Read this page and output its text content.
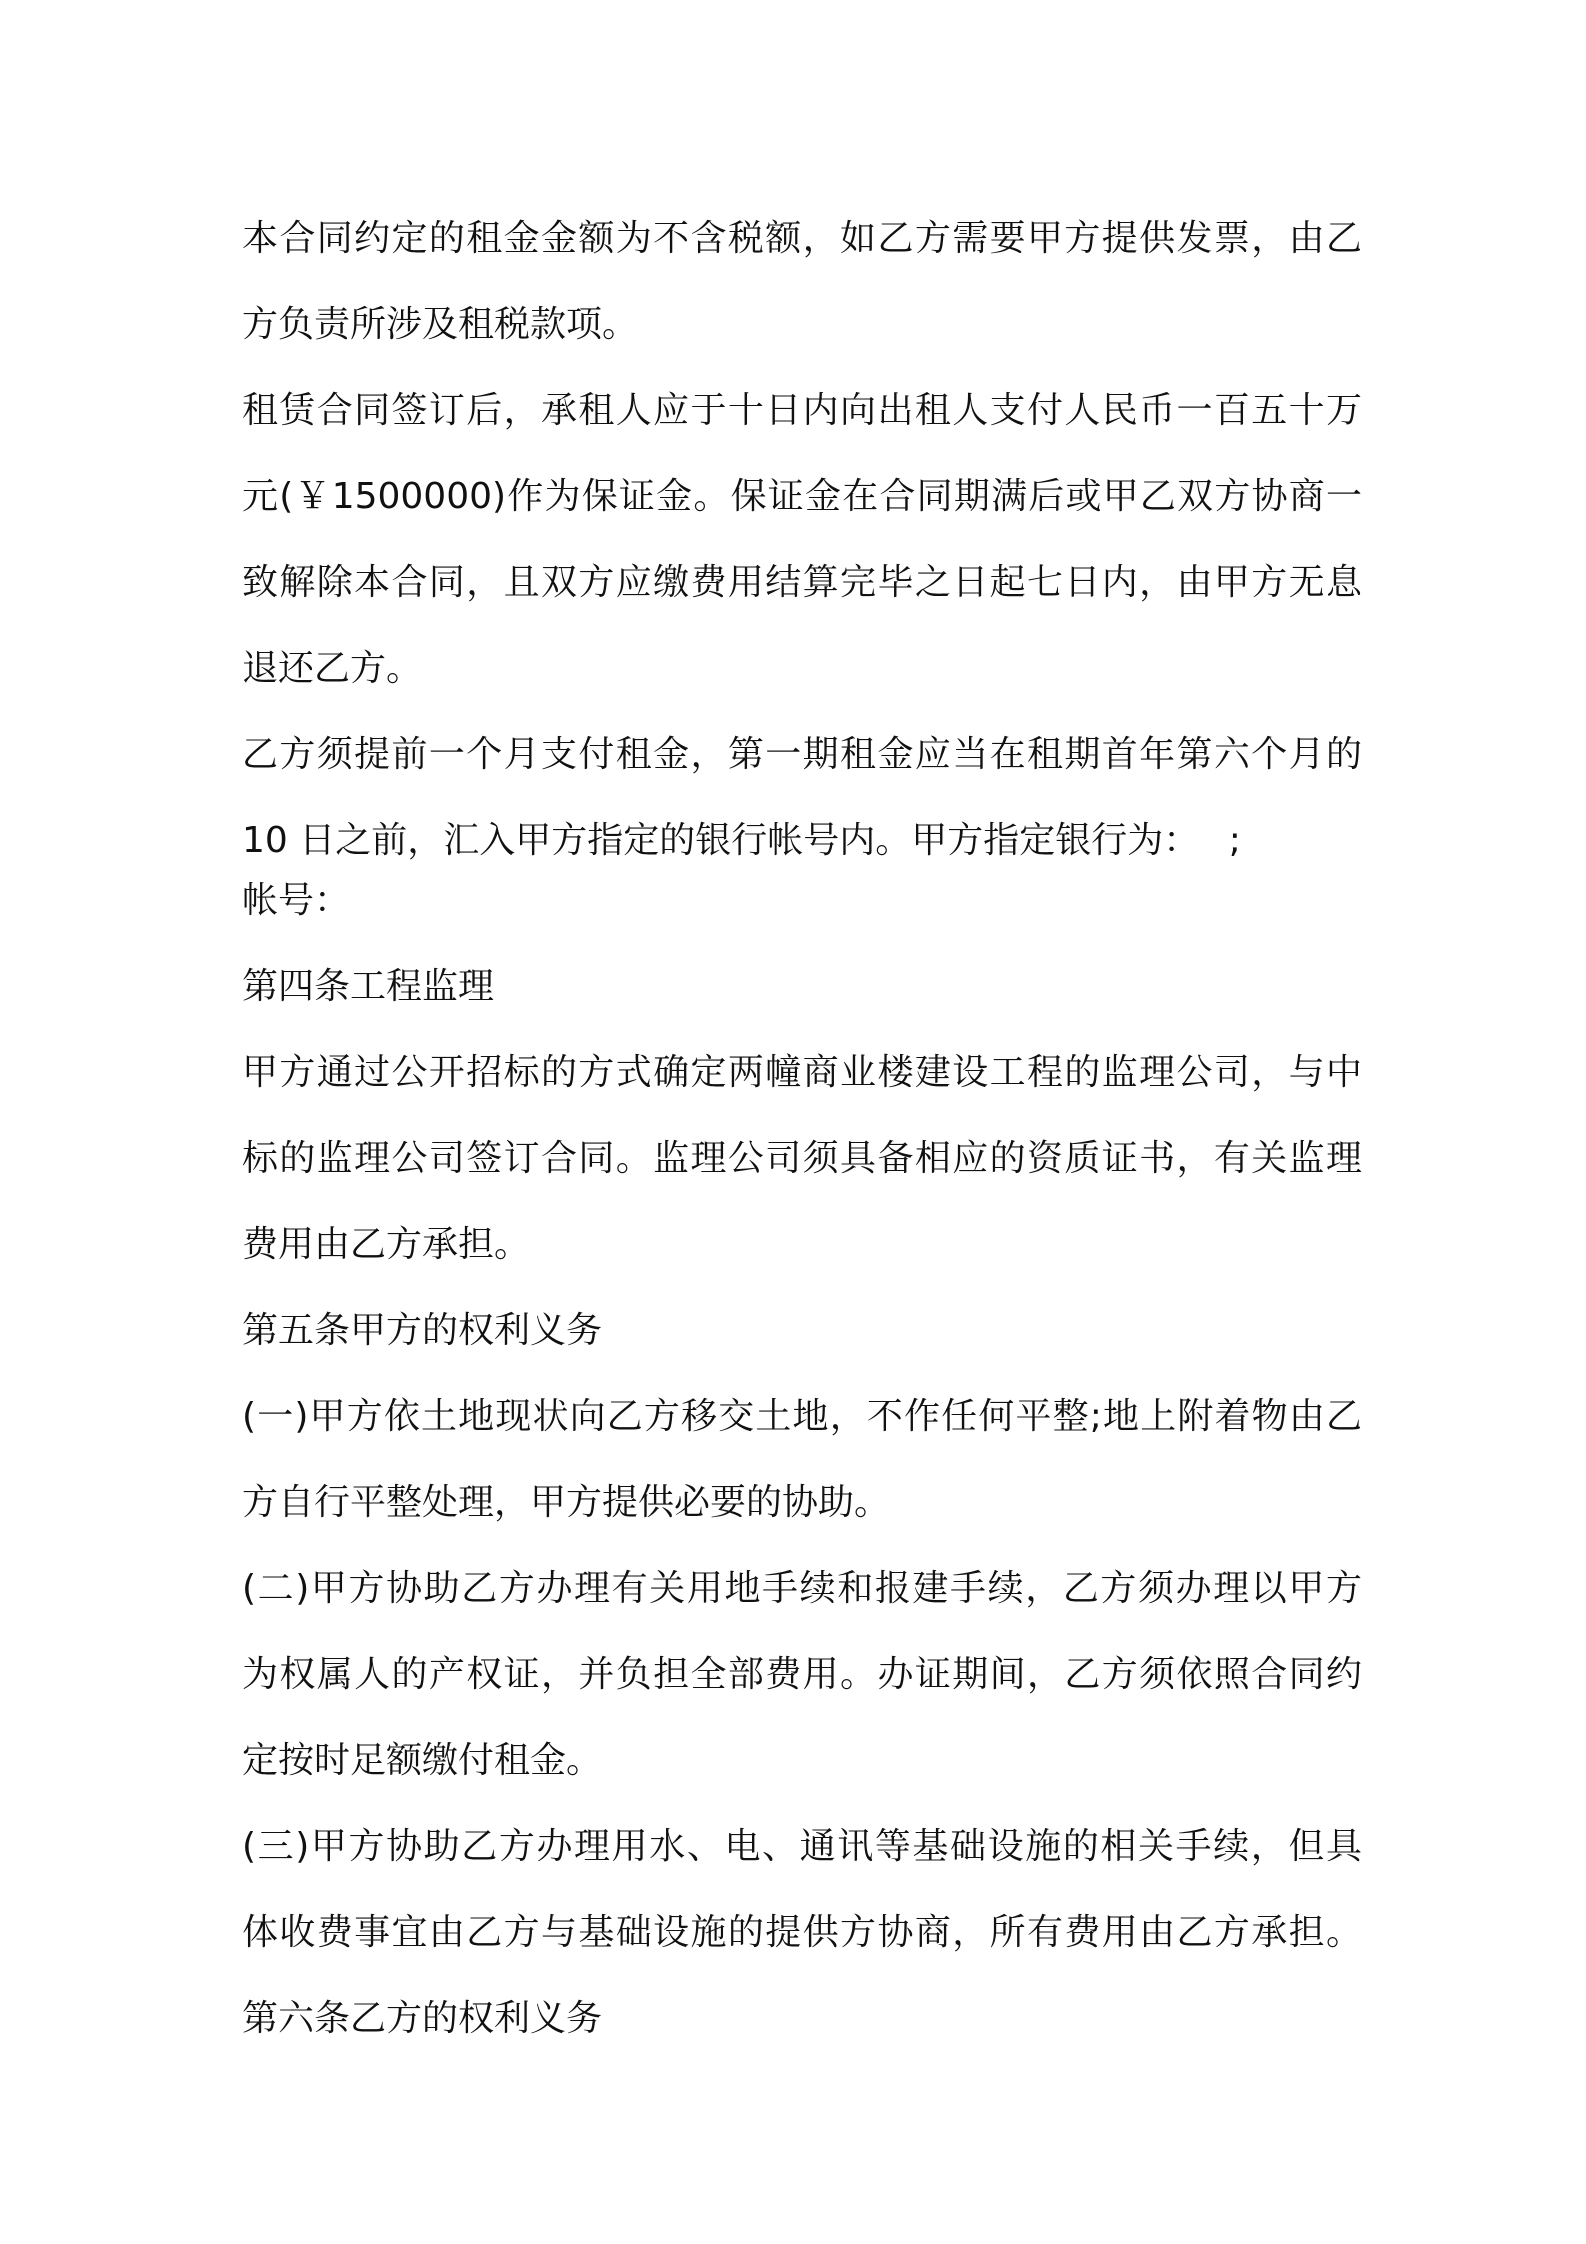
本合同约定的租金金额为不含税额，如乙方需要甲方提供发票，由乙
方负责所涉及租税款项。
租赁合同签订后，承租人应于十日内向出租人支付人民币一百五十万
元(￥1500000)作为保证金。保证金在合同期满后或甲乙双方协商一
致解除本合同，且双方应缴费用结算完毕之日起七日内，由甲方无息
退还乙方。
乙方须提前一个月支付租金，第一期租金应当在租期首年第六个月的
10 日之前，汇入甲方指定的银行帐号内。甲方指定银行为：　 ;
帐号：
第四条工程监理
甲方通过公开招标的方式确定两幢商业楼建设工程的监理公司，与中
标的监理公司签订合同。监理公司须具备相应的资质证书，有关监理
费用由乙方承担。
第五条甲方的权利义务
(一)甲方依土地现状向乙方移交土地，不作任何平整;地上附着物由乙
方自行平整处理，甲方提供必要的协助。
(二)甲方协助乙方办理有关用地手续和报建手续，乙方须办理以甲方
为权属人的产权证，并负担全部费用。办证期间，乙方须依照合同约
定按时足额缴付租金。
(三)甲方协助乙方办理用水、电、通讯等基础设施的相关手续，但具
体收费事宜由乙方与基础设施的提供方协商，所有费用由乙方承担。
第六条乙方的权利义务
